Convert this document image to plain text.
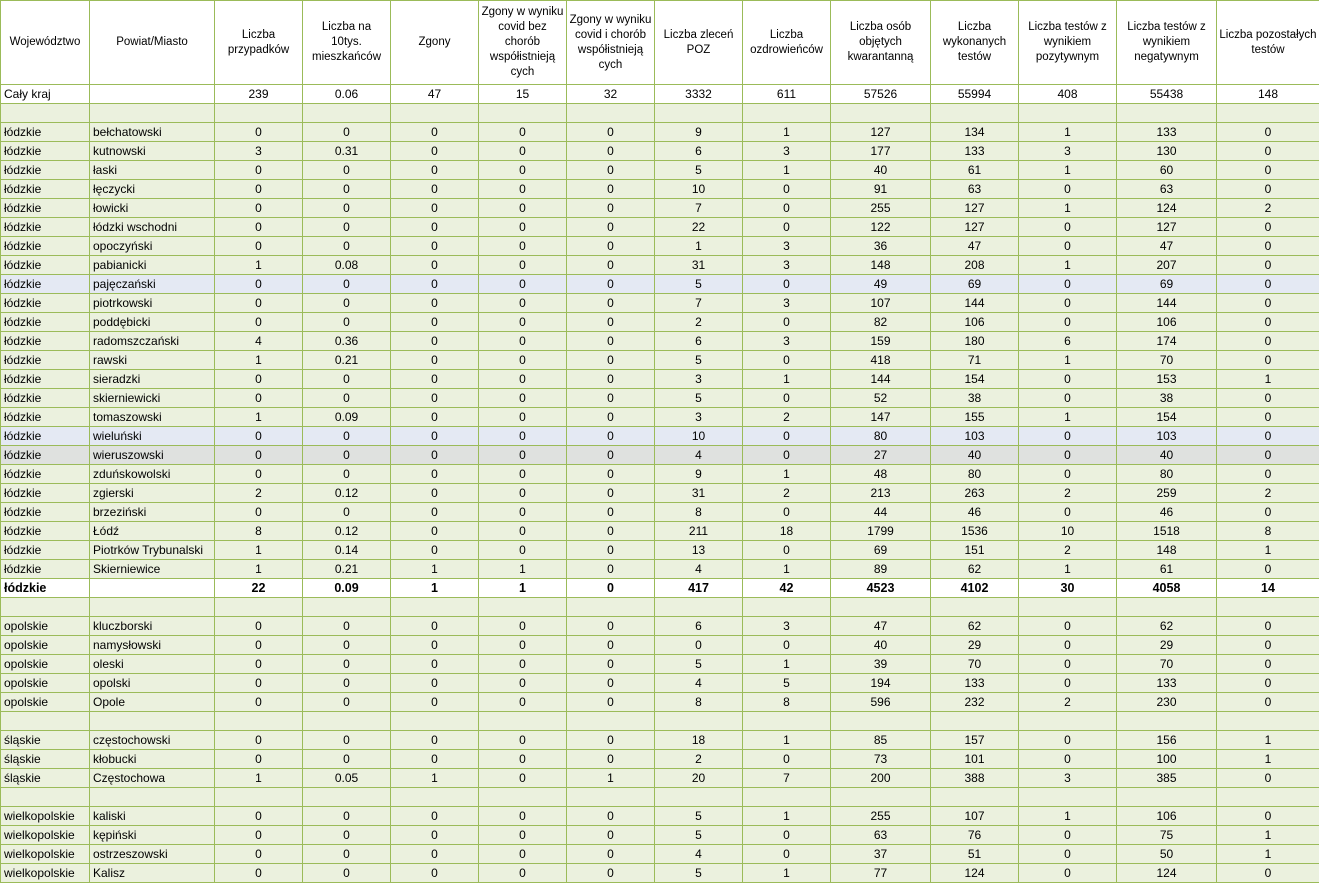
Województwo	Powiat/Miasto	Liczba przypadków	Liczba na 10tys. mieszkańców	Zgony	Zgony w wyniku covid bez chorób współistnieją cych	Zgony w wyniku covid i chorób współistnieją cych	Liczba zleceń POZ	Liczba ozdrowieńców	Liczba osób objętych kwarantanną	Liczba wykonanych testów	Liczba testów z wynikiem pozytywnym	Liczba testów z wynikiem negatywnym	Liczba pozostałych testów
Cały kraj		239	0.06	47	15	32	3332	611	57526	55994	408	55438	148

łódzkie	bełchatowski	0	0	0	0	0	9	1	127	134	1	133	0
łódzkie	kutnowski	3	0.31	0	0	0	6	3	177	133	3	130	0
łódzkie	łaski	0	0	0	0	0	5	1	40	61	1	60	0
łódzkie	łęczycki	0	0	0	0	0	10	0	91	63	0	63	0
łódzkie	łowicki	0	0	0	0	0	7	0	255	127	1	124	2
łódzkie	łódzki wschodni	0	0	0	0	0	22	0	122	127	0	127	0
łódzkie	opoczyński	0	0	0	0	0	1	3	36	47	0	47	0
łódzkie	pabianicki	1	0.08	0	0	0	31	3	148	208	1	207	0
łódzkie	pajęczański	0	0	0	0	0	5	0	49	69	0	69	0
łódzkie	piotrkowski	0	0	0	0	0	7	3	107	144	0	144	0
łódzkie	poddębicki	0	0	0	0	0	2	0	82	106	0	106	0
łódzkie	radomszczański	4	0.36	0	0	0	6	3	159	180	6	174	0
łódzkie	rawski	1	0.21	0	0	0	5	0	418	71	1	70	0
łódzkie	sieradzki	0	0	0	0	0	3	1	144	154	0	153	1
łódzkie	skierniewicki	0	0	0	0	0	5	0	52	38	0	38	0
łódzkie	tomaszowski	1	0.09	0	0	0	3	2	147	155	1	154	0
łódzkie	wieluński	0	0	0	0	0	10	0	80	103	0	103	0
łódzkie	wieruszowski	0	0	0	0	0	4	0	27	40	0	40	0
łódzkie	zduńskowolski	0	0	0	0	0	9	1	48	80	0	80	0
łódzkie	zgierski	2	0.12	0	0	0	31	2	213	263	2	259	2
łódzkie	brzeziński	0	0	0	0	0	8	0	44	46	0	46	0
łódzkie	Łódź	8	0.12	0	0	0	211	18	1799	1536	10	1518	8
łódzkie	Piotrków Trybunalski	1	0.14	0	0	0	13	0	69	151	2	148	1
łódzkie	Skierniewice	1	0.21	1	1	0	4	1	89	62	1	61	0
łódzkie		22	0.09	1	1	0	417	42	4523	4102	30	4058	14

opolskie	kluczborski	0	0	0	0	0	6	3	47	62	0	62	0
opolskie	namysłowski	0	0	0	0	0	0	0	40	29	0	29	0
opolskie	oleski	0	0	0	0	0	5	1	39	70	0	70	0
opolskie	opolski	0	0	0	0	0	4	5	194	133	0	133	0
opolskie	Opole	0	0	0	0	0	8	8	596	232	2	230	0

śląskie	częstochowski	0	0	0	0	0	18	1	85	157	0	156	1
śląskie	kłobucki	0	0	0	0	0	2	0	73	101	0	100	1
śląskie	Częstochowa	1	0.05	1	0	1	20	7	200	388	3	385	0

wielkopolskie	kaliski	0	0	0	0	0	5	1	255	107	1	106	0
wielkopolskie	kępiński	0	0	0	0	0	5	0	63	76	0	75	1
wielkopolskie	ostrzeszowski	0	0	0	0	0	4	0	37	51	0	50	1
wielkopolskie	Kalisz	0	0	0	0	0	5	1	77	124	0	124	0
